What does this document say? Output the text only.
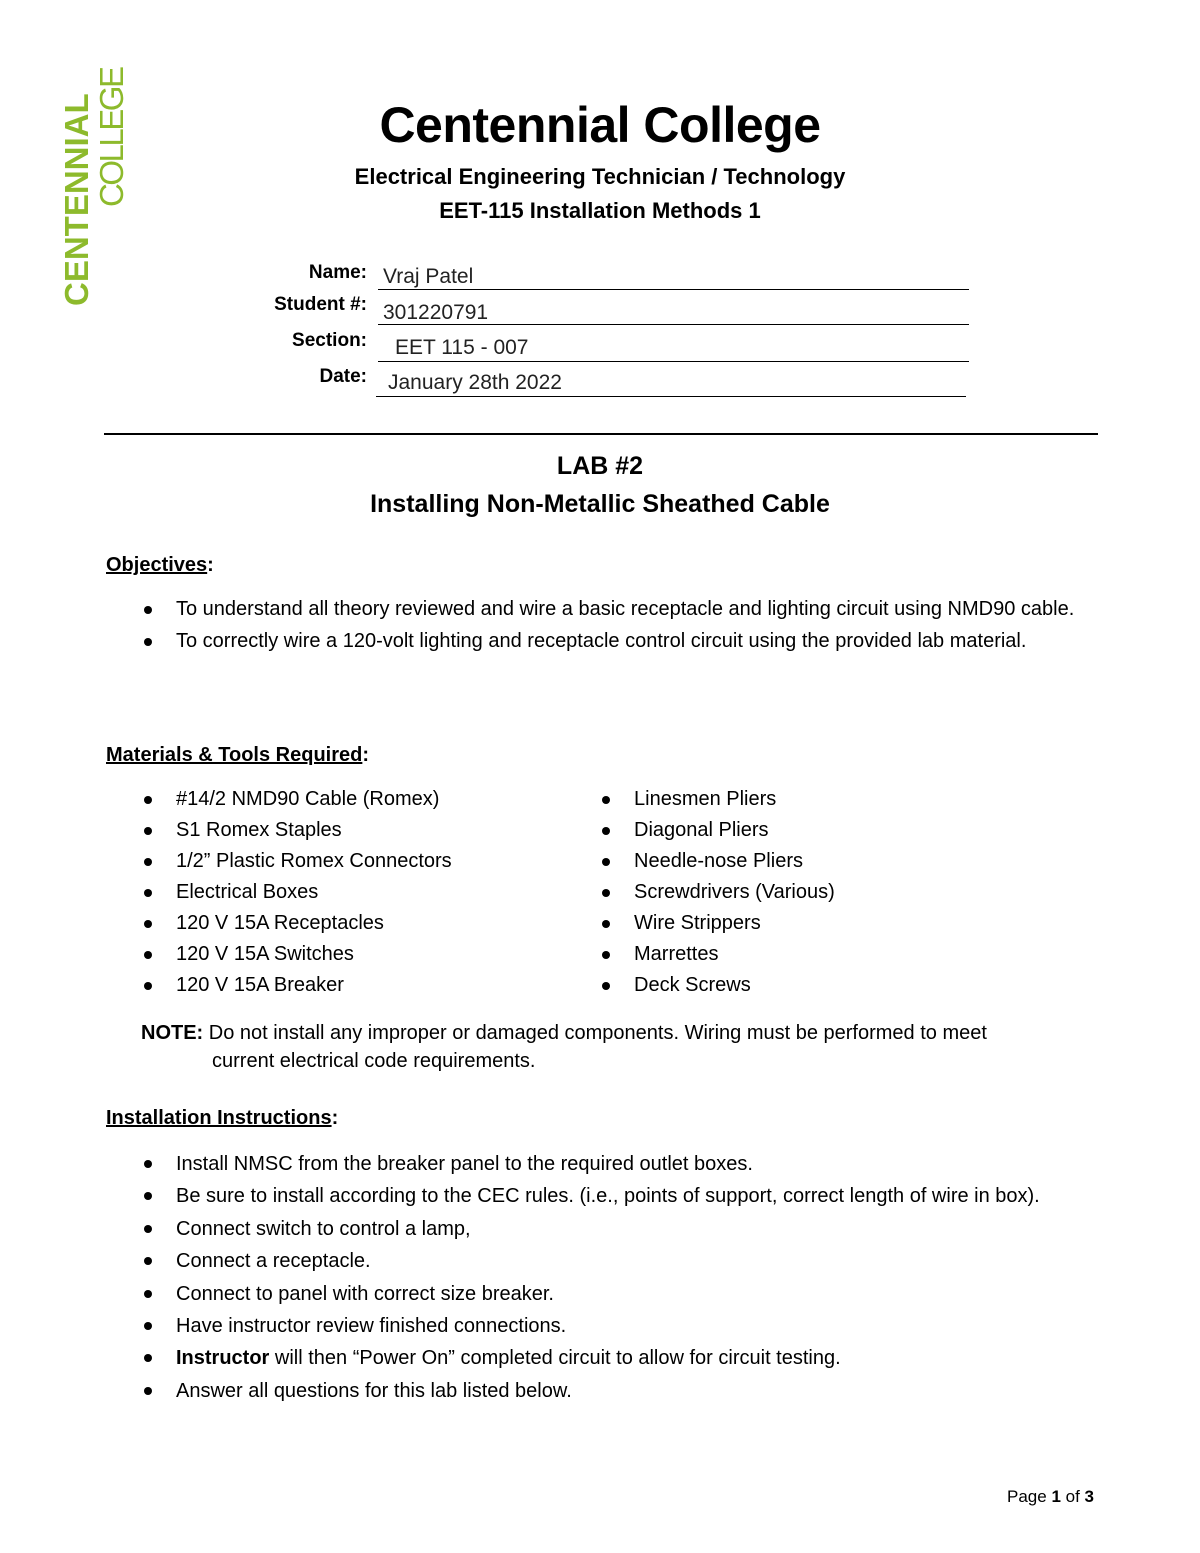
CENTENNIAL
COLLEGE
Centennial College
Electrical Engineering Technician / Technology
EET-115 Installation Methods 1
Name: Vraj Patel
Student #: 301220791
Section: EET 115 - 007
Date: January 28th 2022
LAB #2
Installing Non-Metallic Sheathed Cable
Objectives:
To understand all theory reviewed and wire a basic receptacle and lighting circuit using NMD90 cable.
To correctly wire a 120-volt lighting and receptacle control circuit using the provided lab material.
Materials & Tools Required:
#14/2 NMD90 Cable (Romex)
S1 Romex Staples
1/2” Plastic Romex Connectors
Electrical Boxes
120 V 15A Receptacles
120 V 15A Switches
120 V 15A Breaker
Linesmen Pliers
Diagonal Pliers
Needle-nose Pliers
Screwdrivers (Various)
Wire Strippers
Marrettes
Deck Screws
NOTE: Do not install any improper or damaged components. Wiring must be performed to meet
current electrical code requirements.
Installation Instructions:
Install NMSC from the breaker panel to the required outlet boxes.
Be sure to install according to the CEC rules. (i.e., points of support, correct length of wire in box).
Connect switch to control a lamp,
Connect a receptacle.
Connect to panel with correct size breaker.
Have instructor review finished connections.
Instructor will then “Power On” completed circuit to allow for circuit testing.
Answer all questions for this lab listed below.
Page 1 of 3
